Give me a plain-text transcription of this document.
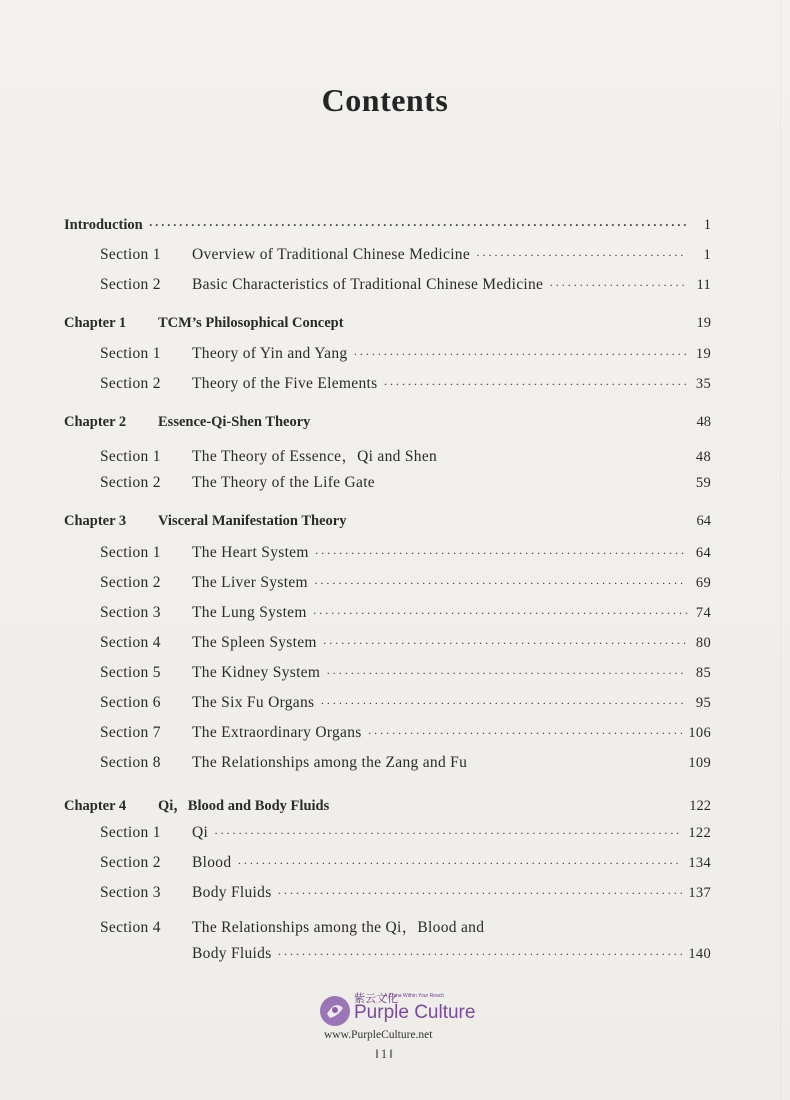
Contents
Introduction ·····	1
Section 1	Overview of Traditional Chinese Medicine ·····	1
Section 2	Basic Characteristics of Traditional Chinese Medicine ·····	11
Chapter 1	TCM’s Philosophical Concept	19
Section 1	Theory of Yin and Yang ·····	19
Section 2	Theory of the Five Elements ·····	35
Chapter 2	Essence-Qi-Shen Theory	48
Section 1	The Theory of Essence，Qi and Shen	48
Section 2	The Theory of the Life Gate	59
Chapter 3	Visceral Manifestation Theory	64
Section 1	The Heart System ·····	64
Section 2	The Liver System ·····	69
Section 3	The Lung System ·····	74
Section 4	The Spleen System ·····	80
Section 5	The Kidney System ·····	85
Section 6	The Six Fu Organs ·····	95
Section 7	The Extraordinary Organs ·····	106
Section 8	The Relationships among the Zang and Fu	109
Chapter 4	Qi，Blood and Body Fluids	122
Section 1	Qi ·····	122
Section 2	Blood ·····	134
Section 3	Body Fluids ·····	137
Section 4	The Relationships among the Qi，Blood and
Body Fluids ·····	140
紫云文化
A China Within Your Reach
Purple Culture
www.PurpleCulture.net
‖1‖
